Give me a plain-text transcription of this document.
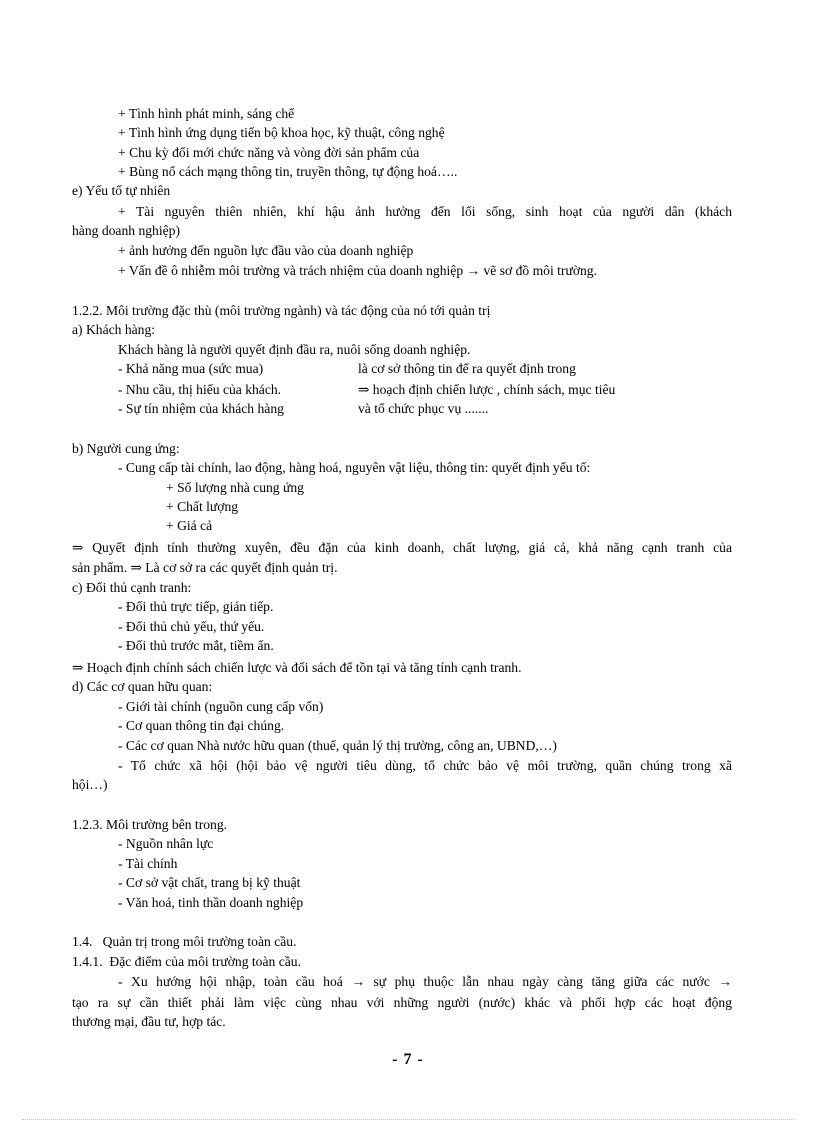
+ Tình hình phát minh, sáng chế
+ Tình hình ứng dụng tiến bộ khoa học, kỹ thuật, công nghệ
+ Chu kỳ đổi mới chức năng và vòng đời sản phẩm của
+ Bùng nổ cách mạng thông tin, truyền thông, tự động hoá…..
e) Yếu tố tự nhiên
+ Tài nguyên thiên nhiên, khí hậu ảnh hưởng đến lối sống, sinh hoạt của người dân (khách
hàng doanh nghiệp)
+ ảnh hưởng đến nguồn lực đầu vào của doanh nghiệp
+ Vấn đề ô nhiễm môi trường và trách nhiệm của doanh nghiệp → vẽ sơ đồ môi trường.
1.2.2. Môi trường đặc thù (môi trường ngành) và tác động của nó tới quản trị
a) Khách hàng:
Khách hàng là người quyết định đầu ra, nuôi sống doanh nghiệp.
- Khả năng mua (sức mua)	là cơ sở thông tin để ra quyết định trong
- Nhu cầu, thị hiếu của khách.	⇒ hoạch định chiến lược , chính sách, mục tiêu
- Sự tín nhiệm của khách hàng	và tổ chức phục vụ .......
b) Người cung ứng:
- Cung cấp tài chính, lao động, hàng hoá, nguyên vật liệu, thông tin: quyết định yếu tố:
+ Số lượng nhà cung ứng
+ Chất lượng
+ Giá cả
⇒ Quyết định tính thường xuyên, đều đặn của kinh doanh, chất lượng, giá cả, khả năng cạnh tranh của
sản phẩm. ⇒ Là cơ sở ra các quyết định quản trị.
c) Đối thủ cạnh tranh:
- Đối thủ trực tiếp, gián tiếp.
- Đối thủ chủ yếu, thứ yếu.
- Đối thủ trước mắt, tiềm ẩn.
⇒ Hoạch định chính sách chiến lược và đối sách để tồn tại và tăng tính cạnh tranh.
d) Các cơ quan hữu quan:
- Giới tài chính (nguồn cung cấp vốn)
- Cơ quan thông tin đại chúng.
- Các cơ quan Nhà nước hữu quan (thuế, quản lý thị trường, công an, UBND,…)
- Tổ chức xã hội (hội bảo vệ người tiêu dùng, tổ chức bảo vệ môi trường, quần chúng trong xã
hội…)
1.2.3. Môi trường bên trong.
- Nguồn nhân lực
- Tài chính
- Cơ sở vật chất, trang bị kỹ thuật
- Văn hoá, tinh thần doanh nghiệp
1.4.   Quản trị trong môi trường toàn cầu.
1.4.1.  Đặc điểm của môi trường toàn cầu.
- Xu hướng hội nhập, toàn cầu hoá → sự phụ thuộc lẫn nhau ngày càng tăng giữa các nước →
tạo ra sự cần thiết phải làm việc cùng nhau với những người (nước) khác và phối hợp các hoạt động
thương mại, đầu tư, hợp tác.
- 7 -
